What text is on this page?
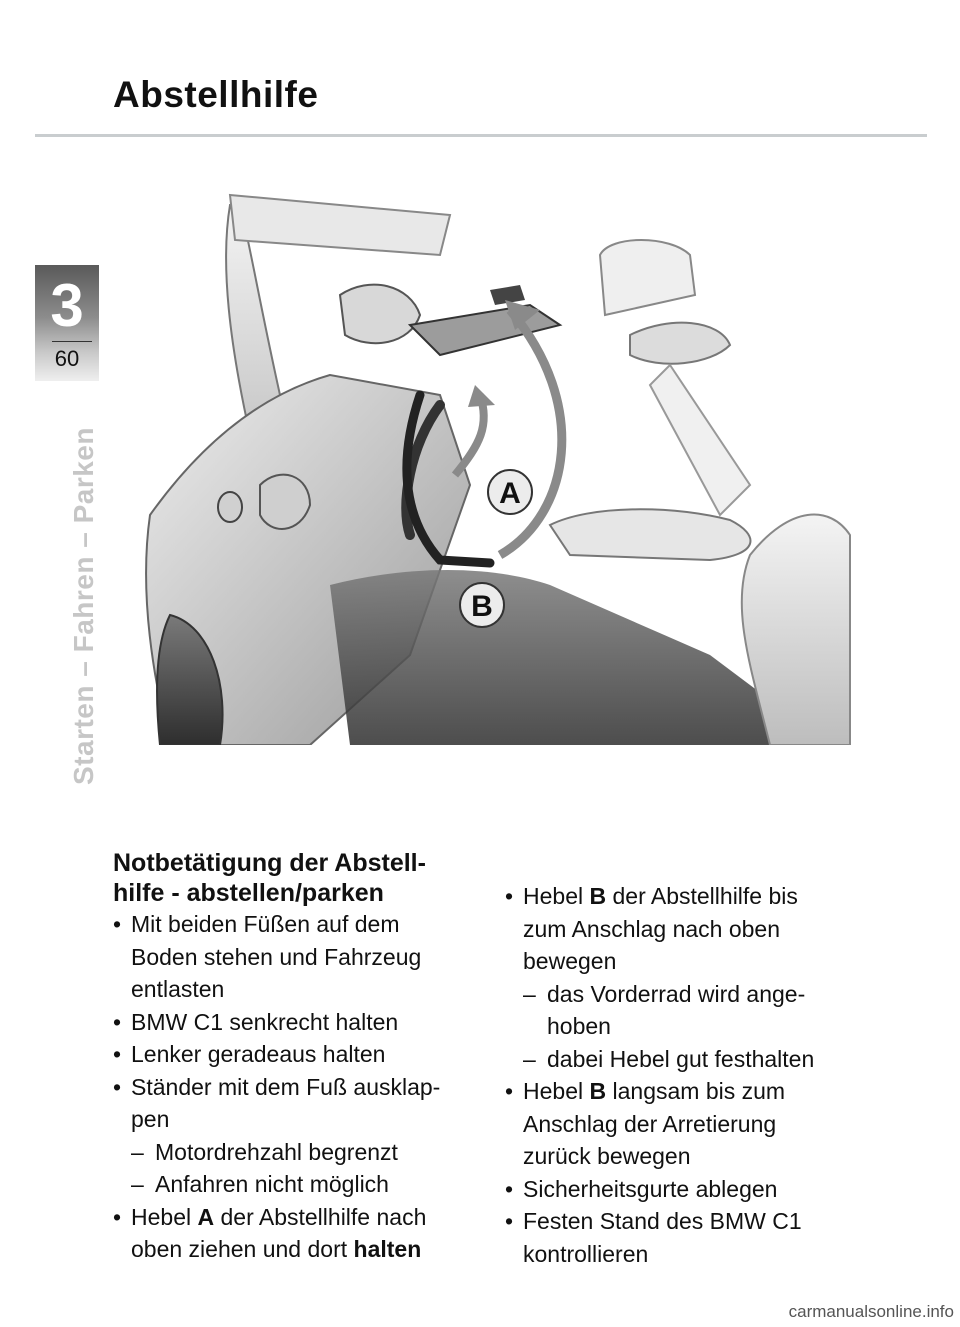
Abstellhilfe
3
60
Starten – Fahren – Parken	A
B
Notbetätigung der Abstell-
hilfe - abstellen/parken
• Mit beiden Füßen auf dem
Boden stehen und Fahrzeug
entlasten
• BMW C1 senkrecht halten
• Lenker geradeaus halten
• Ständer mit dem Fuß ausklap-
pen
– Motordrehzahl begrenzt
– Anfahren nicht möglich
• Hebel A der Abstellhilfe nach
oben ziehen und dort halten
• Hebel B der Abstellhilfe bis
zum Anschlag nach oben
bewegen
– das Vorderrad wird ange-
hoben
– dabei Hebel gut festhalten
• Hebel B langsam bis zum
Anschlag der Arretierung
zurück bewegen
• Sicherheitsgurte ablegen
• Festen Stand des BMW C1
kontrollieren
carmanualsonline.info
